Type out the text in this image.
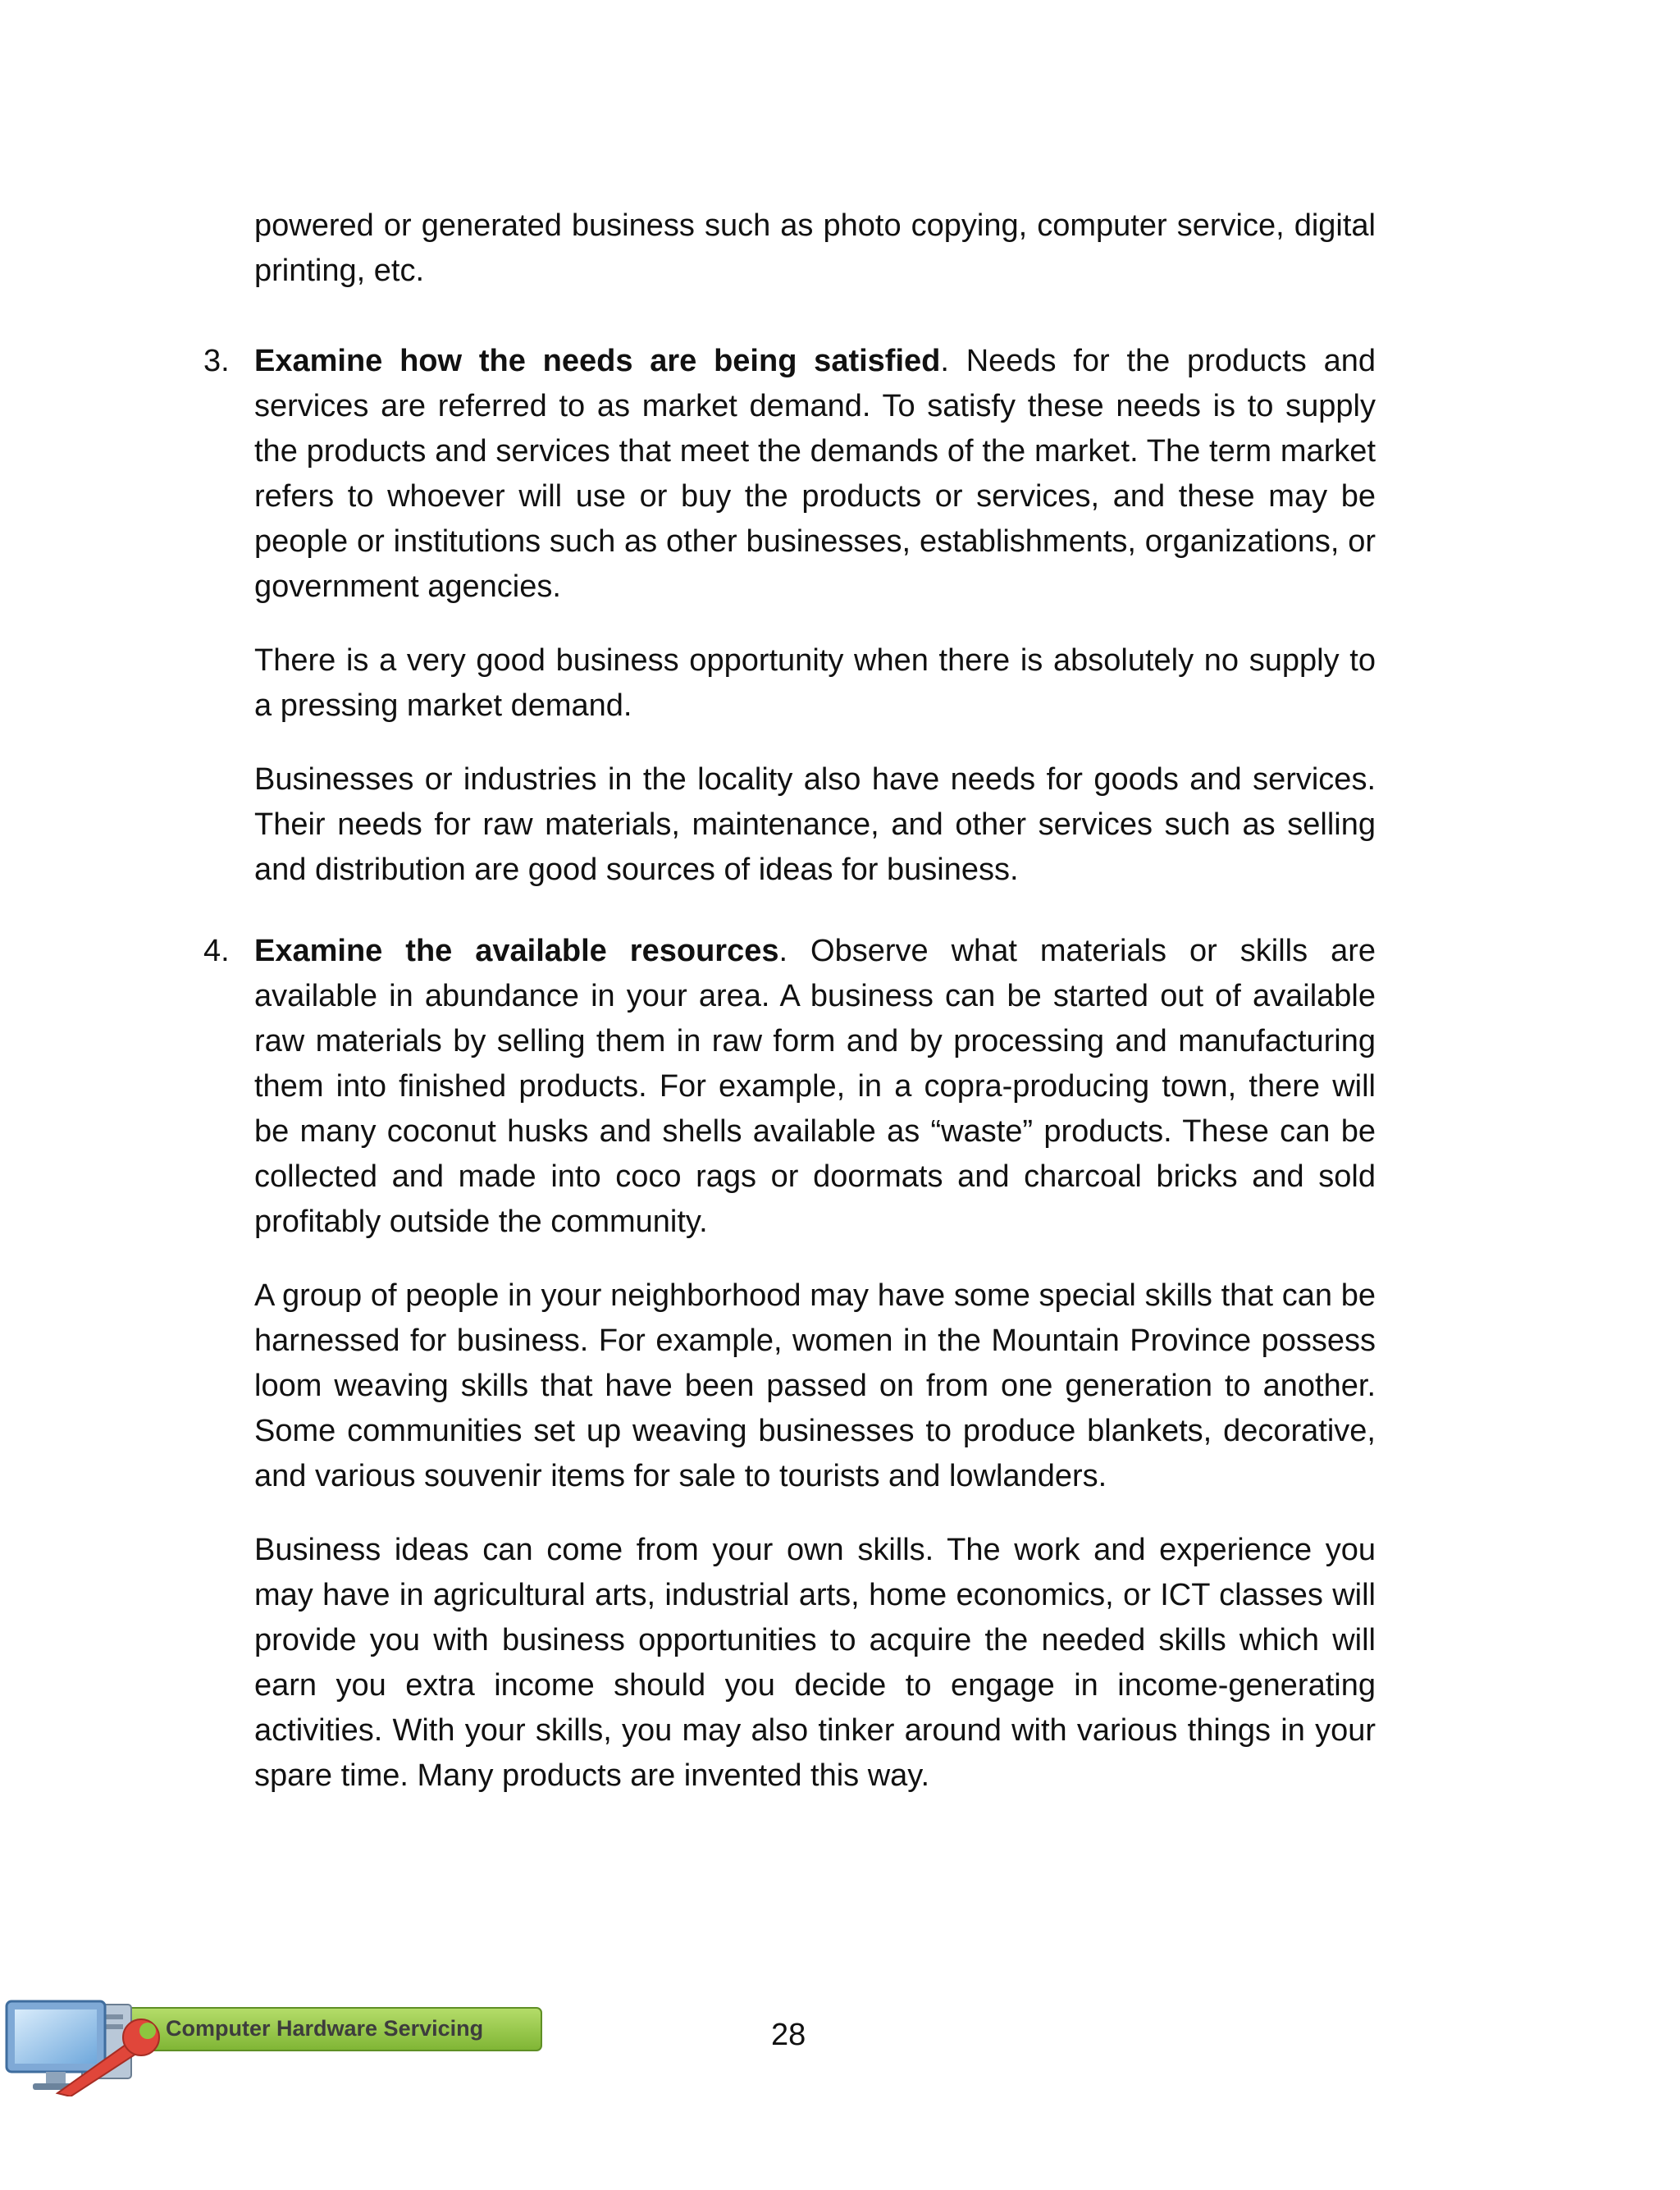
powered or generated business such as photo copying, computer service, digital printing, etc.

3. Examine how the needs are being satisfied. Needs for the products and services are referred to as market demand. To satisfy these needs is to supply the products and services that meet the demands of the market. The term market refers to whoever will use or buy the products or services, and these may be people or institutions such as other businesses, establishments, organizations, or government agencies.

There is a very good business opportunity when there is absolutely no supply to a pressing market demand.

Businesses or industries in the locality also have needs for goods and services. Their needs for raw materials, maintenance, and other services such as selling and distribution are good sources of ideas for business.

4. Examine the available resources. Observe what materials or skills are available in abundance in your area. A business can be started out of available raw materials by selling them in raw form and by processing and manufacturing them into finished products. For example, in a copra-producing town, there will be many coconut husks and shells available as “waste” products. These can be collected and made into coco rags or doormats and charcoal bricks and sold profitably outside the community.

A group of people in your neighborhood may have some special skills that can be harnessed for business. For example, women in the Mountain Province possess loom weaving skills that have been passed on from one generation to another. Some communities set up weaving businesses to produce blankets, decorative, and various souvenir items for sale to tourists and lowlanders.

Business ideas can come from your own skills. The work and experience you may have in agricultural arts, industrial arts, home economics, or ICT classes will provide you with business opportunities to acquire the needed skills which will earn you extra income should you decide to engage in income-generating activities. With your skills, you may also tinker around with various things in your spare time. Many products are invented this way.

Computer Hardware Servicing	28
